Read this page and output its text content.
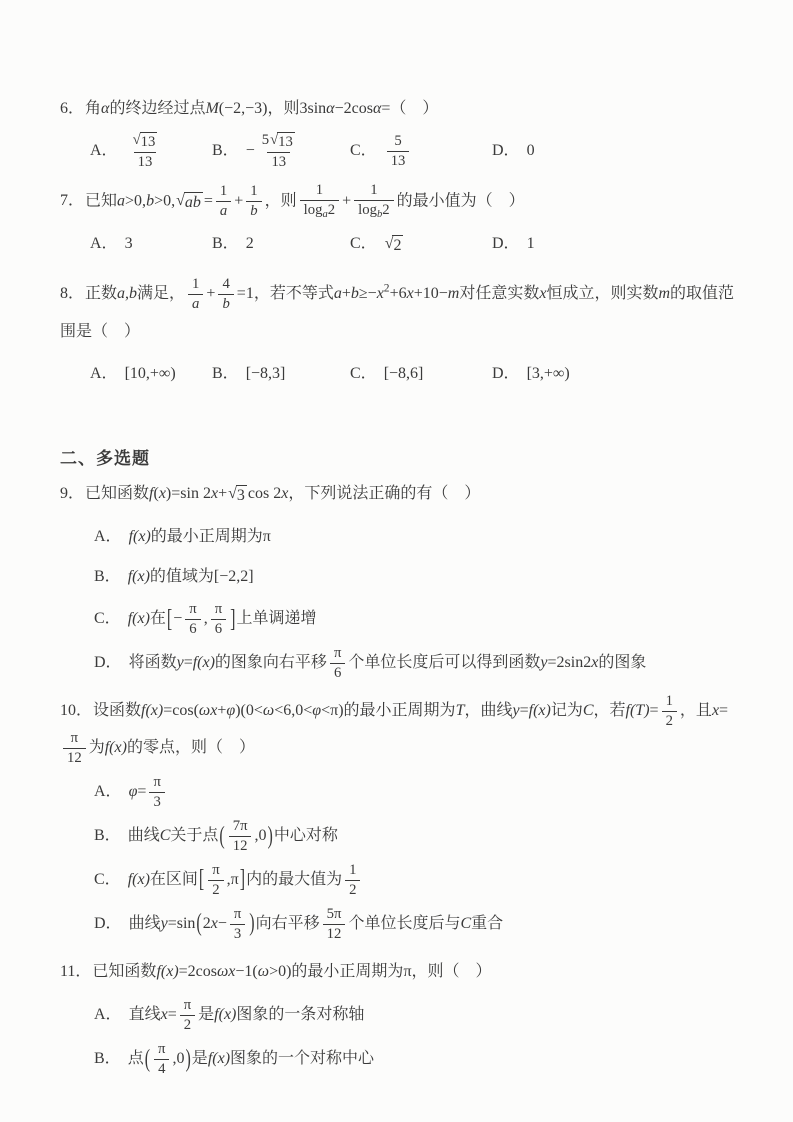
6．角α的终边经过点M(−2,−3)，则3sinα−2cosα=（　）

A． $\frac{√ 13}{13}$	B． − $\frac{5 √ 13}{13}$	C． $\frac{5}{13}$	D． 0

7．已知a>0,b>0, √ ab = $\frac{1}{a} + \frac{1}{b}$ ，则 $\frac{1}{\log_a2} + \frac{1}{\log_b2}$ 的最小值为（　）

A． 3	B． 2	C． √ 2	D． 1

8．正数a,b满足， $\frac{1}{a} + \frac{4}{b} =1$，若不等式$a+b\ge-x^2+6x+10-m$对任意实数x恒成立，则实数m的取值范围是（　）

A． [10,+∞)	B． [−8,3]	C． [−8,6]	D． [3,+∞)
二、多选题

9．已知函数f(x)=sin 2x+ √ 3 cos 2x，下列说法正确的有（　）

A． f(x)的最小正周期为π
B． f(x)的值域为[−2,2]
C． f(x)在[− $\frac{\pi}{6}$ , $\frac{\pi}{6}$ ]上单调递增
D． 将函数y=f(x)的图象向右平移 $\frac{\pi}{6}$ 个单位长度后可以得到函数y=2sin2x的图象

10．设函数f(x)=cos(ωx+φ)(0<ω<6,0<φ<π)的最小正周期为T，曲线y=f(x)记为C，若$f(T)= \frac{1}{2}$ ，且x=
$\frac{\pi}{12}$ 为f(x)的零点，则（　）

A． $\varphi= \frac{\pi}{3}$
B． 曲线C关于点( $\frac{7\pi}{12} ,0$)中心对称
C． f(x)在区间[ $\frac{\pi}{2} ,\pi$]内的最大值为 $\frac{1}{2}$
D． 曲线$y=\sin(2x- \frac{\pi}{3}$ )向右平移 $\frac{5\pi}{12}$ 个单位长度后与C重合

11．已知函数f(x)=2cosωx−1(ω>0)的最小正周期为π，则（　）

A． 直线$x= \frac{\pi}{2}$ 是f(x)图象的一条对称轴
B． 点( $\frac{\pi}{4} ,0$)是f(x)图象的一个对称中心
